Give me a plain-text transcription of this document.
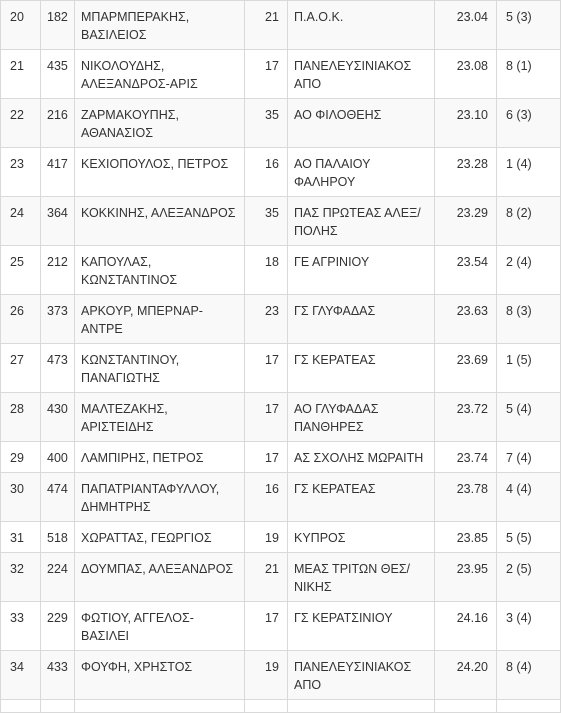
20	182	ΜΠΑΡΜΠΕΡΑΚΗΣ, ΒΑΣΙΛΕΙΟΣ	21	Π.Α.Ο.Κ.	23.04	5 (3)
21	435	ΝΙΚΟΛΟΥΔΗΣ, ΑΛΕΞΑΝΔΡΟΣ-ΑΡΙΣ	17	ΠΑΝΕΛΕΥΣΙΝΙΑΚΟΣ ΑΠΟ	23.08	8 (1)
22	216	ΖΑΡΜΑΚΟΥΠΗΣ, ΑΘΑΝΑΣΙΟΣ	35	ΑΟ ΦΙΛΟΘΕΗΣ	23.10	6 (3)
23	417	ΚΕΧΙΟΠΟΥΛΟΣ, ΠΕΤΡΟΣ	16	ΑΟ ΠΑΛΑΙΟΥ ΦΑΛΗΡΟΥ	23.28	1 (4)
24	364	ΚΟΚΚΙΝΗΣ, ΑΛΕΞΑΝΔΡΟΣ	35	ΠΑΣ ΠΡΩΤΕΑΣ ΑΛΕΞ/ ΠΟΛΗΣ	23.29	8 (2)
25	212	ΚΑΠΟΥΛΑΣ, ΚΩΝΣΤΑΝΤΙΝΟΣ	18	ΓΕ ΑΓΡΙΝΙΟΥ	23.54	2 (4)
26	373	ΑΡΚΟΥΡ, ΜΠΕΡΝΑΡ-ΑΝΤΡΕ	23	ΓΣ ΓΛΥΦΑΔΑΣ	23.63	8 (3)
27	473	ΚΩΝΣΤΑΝΤΙΝΟΥ, ΠΑΝΑΓΙΩΤΗΣ	17	ΓΣ ΚΕΡΑΤΕΑΣ	23.69	1 (5)
28	430	ΜΑΛΤΕΖΑΚΗΣ, ΑΡΙΣΤΕΙΔΗΣ	17	ΑΟ ΓΛΥΦΑΔΑΣ ΠΑΝΘΗΡΕΣ	23.72	5 (4)
29	400	ΛΑΜΠΙΡΗΣ, ΠΕΤΡΟΣ	17	ΑΣ ΣΧΟΛΗΣ ΜΩΡΑΙΤΗ	23.74	7 (4)
30	474	ΠΑΠΑΤΡΙΑΝΤΑΦΥΛΛΟΥ, ΔΗΜΗΤΡΗΣ	16	ΓΣ ΚΕΡΑΤΕΑΣ	23.78	4 (4)
31	518	ΧΩΡΑΤΤΑΣ, ΓΕΩΡΓΙΟΣ	19	ΚΥΠΡΟΣ	23.85	5 (5)
32	224	ΔΟΥΜΠΑΣ, ΑΛΕΞΑΝΔΡΟΣ	21	ΜΕΑΣ ΤΡΙΤΩΝ ΘΕΣ/ ΝΙΚΗΣ	23.95	2 (5)
33	229	ΦΩΤΙΟΥ, ΑΓΓΕΛΟΣ-ΒΑΣΙΛΕΙ	17	ΓΣ ΚΕΡΑΤΣΙΝΙΟΥ	24.16	3 (4)
34	433	ΦΟΥΦΗ, ΧΡΗΣΤΟΣ	19	ΠΑΝΕΛΕΥΣΙΝΙΑΚΟΣ ΑΠΟ	24.20	8 (4)
